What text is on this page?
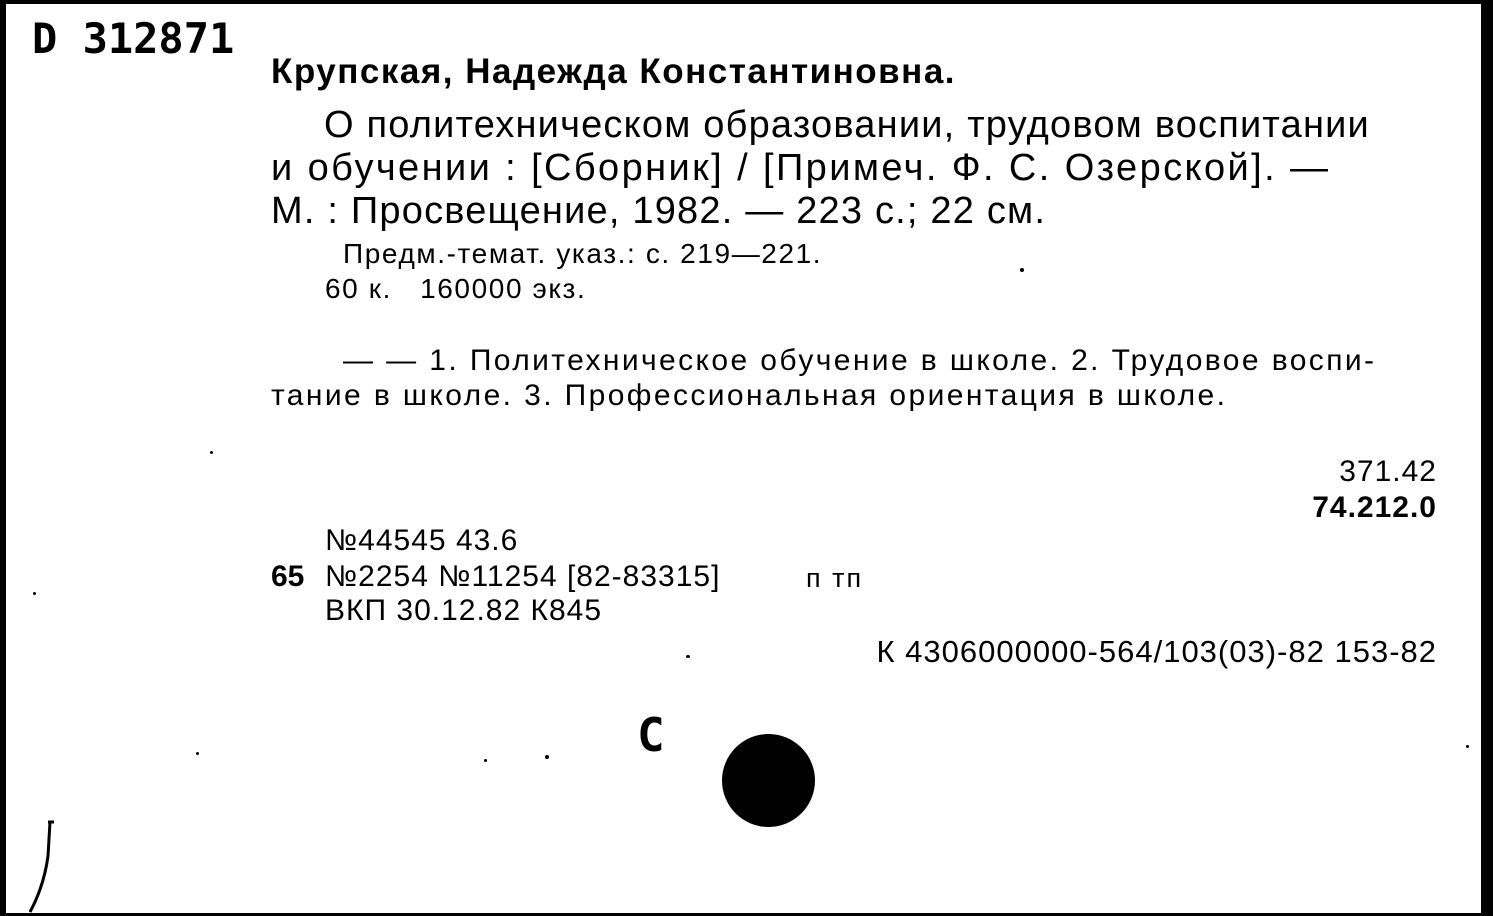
D 312871
Крупская, Надежда Константиновна.
О политехническом образовании, трудовом воспитании
и обучении : [Сборник] / [Примеч. Ф. С. Озерской]. —
М. : Просвещение, 1982. — 223 с.; 22 см.
Предм.-темат. указ.: с. 219—221.
60 к.   160000 экз.
— — 1. Политехническое обучение в школе. 2. Трудовое воспи-
тание в школе. 3. Профессиональная ориентация в школе.
371.42
74.212.0
№44545 43.6
65 №2254 №11254 [82-83315]	п тп
ВКП 30.12.82 К845
К 4306000000-564/103(03)-82 153-82
С
